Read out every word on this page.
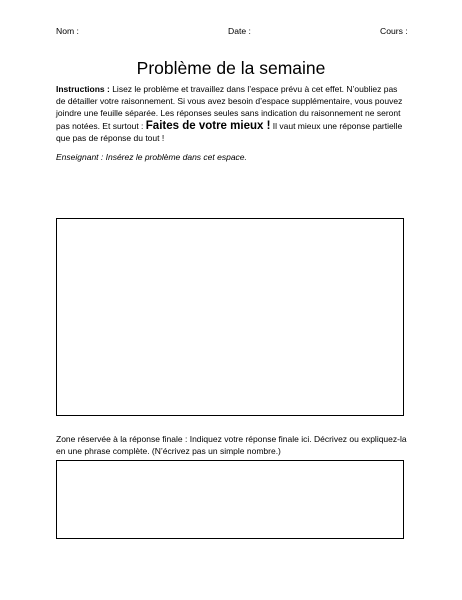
Nom :	Date :	Cours :
Problème de la semaine

Instructions : Lisez le problème et travaillez dans l’espace prévu à cet effet. N’oubliez pas de détailler votre raisonnement. Si vous avez besoin d’espace supplémentaire, vous pouvez joindre une feuille séparée. Les réponses seules sans indication du raisonnement ne seront pas notées. Et surtout : Faites de votre mieux ! Il vaut mieux une réponse partielle que pas de réponse du tout !

Enseignant : Insérez le problème dans cet espace.

Zone réservée à la réponse finale : Indiquez votre réponse finale ici. Décrivez ou expliquez-la en une phrase complète. (N’écrivez pas un simple nombre.)
